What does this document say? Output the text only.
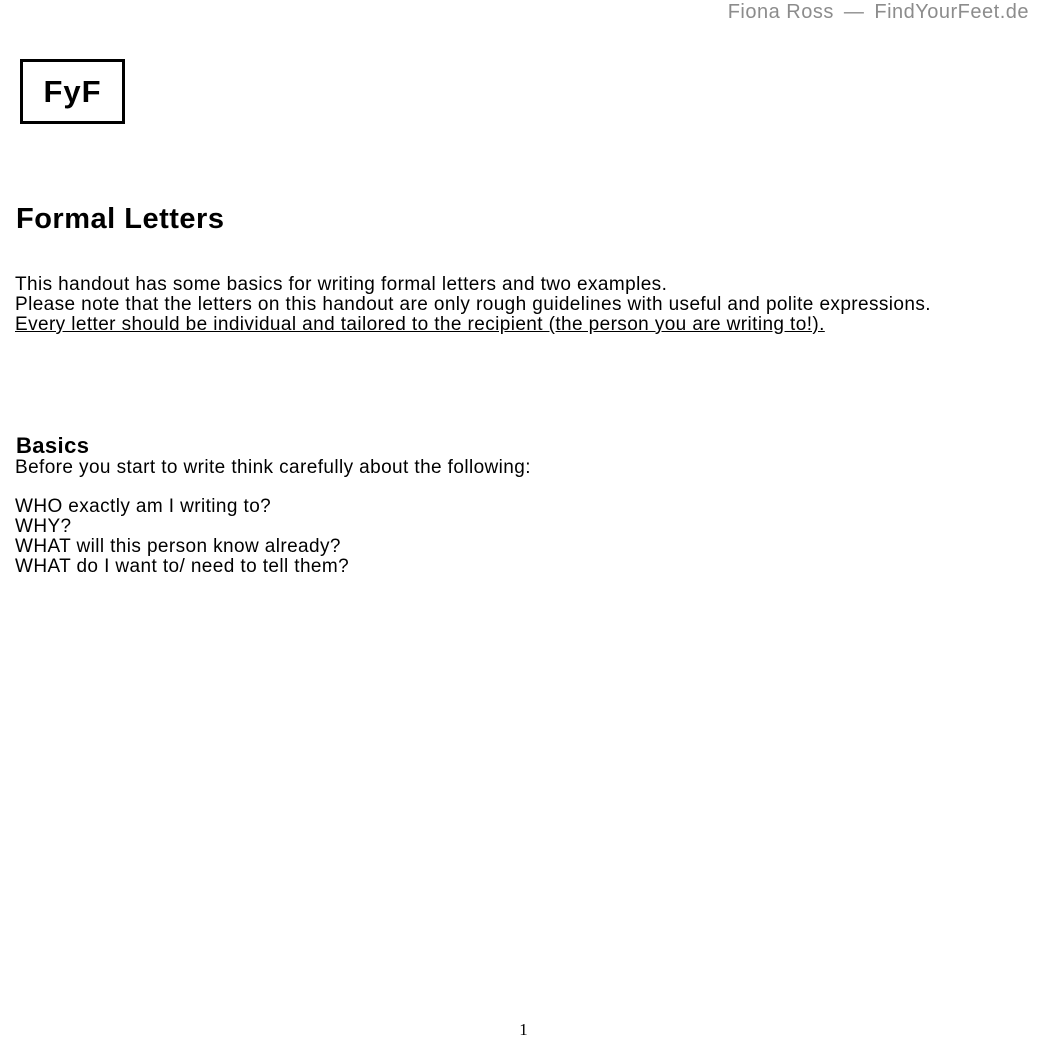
Fiona Ross — FindYourFeet.de
FyF
Formal Letters

This handout has some basics for writing formal letters and two examples.

Please note that the letters on this handout are only rough guidelines with useful and polite expressions.

Every letter should be individual and tailored to the recipient (the person you are writing to!).

Basics

Before you start to write think carefully about the following:

WHO exactly am I writing to?
WHY?
WHAT will this person know already?
WHAT do I want to/ need to tell them?
1
